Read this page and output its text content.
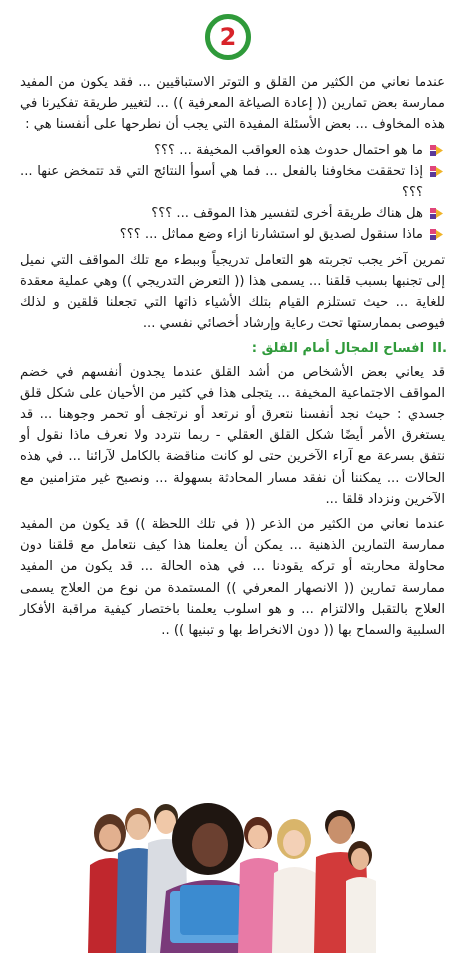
2

عندما نعاني من الكثير من القلق و التوتر الاستباقيين ... فقد يكون من المفيد ممارسة بعض تمارين (( إعادة الصياغة المعرفية )) ... لتغيير طريقة تفكيرنا في هذه المخاوف ... بعض الأسئلة المفيدة التي يجب أن نطرحها على أنفسنا هي :

ما هو احتمال حدوث هذه العواقب المخيفة ... ؟؟؟
إذا تحققت مخاوفنا بالفعل ... فما هي أسوأ النتائج التي قد تتمخض عنها ... ؟؟؟
هل هناك طريقة أخرى لتفسير هذا الموقف ... ؟؟؟
ماذا سنقول لصديق لو استشارنا ازاء وضع مماثل ... ؟؟؟

تمرين آخر يجب تجربته هو التعامل تدريجياً وببطء مع تلك المواقف التي نميل إلى تجنبها بسبب قلقنا ... يسمى هذا (( التعرض التدريجي )) وهي عملية معقدة للغاية ... حيث تستلزم القيام بتلك الأشياء ذاتها التي تجعلنا قلقين و لذلك فيوصى بممارستها تحت رعاية وإرشاد أخصائي نفسي ...

II.
افساح المجال أمام القلق :

قد يعاني بعض الأشخاص من أشد القلق عندما يجدون أنفسهم في خضم المواقف الاجتماعية المخيفة ... يتجلى هذا في كثير من الأحيان على شكل قلق جسدي : حيث نجد أنفسنا نتعرق أو نرتعد أو نرتجف أو تحمر وجوهنا ... قد يستغرق الأمر أيضًا شكل القلق العقلي - ربما نتردد ولا نعرف ماذا نقول أو نتفق بسرعة مع آراء الآخرين حتى لو كانت مناقضة بالكامل لآرائنا ... في هذه الحالات ... يمكننا أن نفقد مسار المحادثة بسهولة ... ونصبح غير متزامنين مع الآخرين ونزداد قلقا ...

عندما نعاني من الكثير من الذعر (( في تلك اللحظة )) قد يكون من المفيد ممارسة التمارين الذهنية ... يمكن أن يعلمنا هذا كيف نتعامل مع قلقنا دون محاولة محاربته أو تركه يقودنا ... في هذه الحالة ... قد يكون من المفيد ممارسة تمارين (( الانصهار المعرفي )) المستمدة من نوع من العلاج يسمى العلاج بالتقبل والالتزام ... و هو اسلوب يعلمنا باختصار كيفية مراقبة الأفكار السلبية والسماح بها (( دون الانخراط بها و تبنيها )) ..
